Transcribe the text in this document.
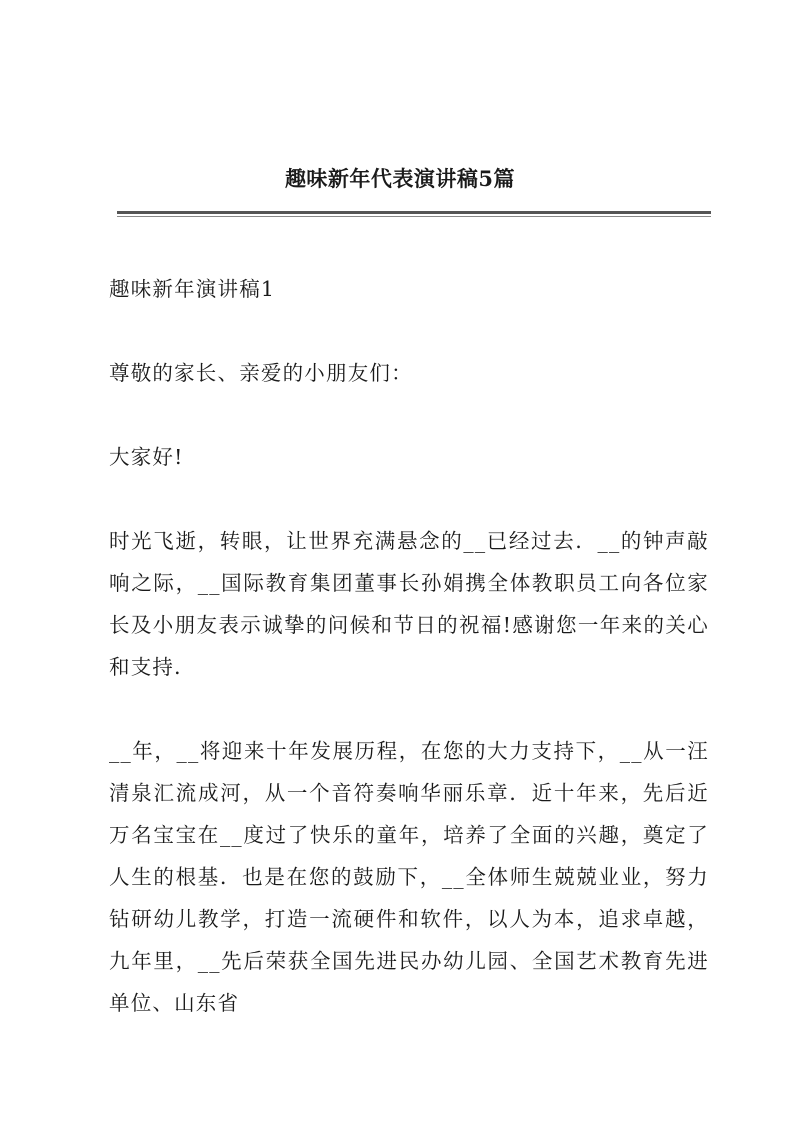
趣味新年代表演讲稿5篇

趣味新年演讲稿1

尊敬的家长、亲爱的小朋友们：

大家好!

时光飞逝，转眼，让世界充满悬念的__已经过去．__的钟声敲响之际，__国际教育集团董事长孙娟携全体教职员工向各位家长及小朋友表示诚挚的问候和节日的祝福!感谢您一年来的关心和支持．

__年，__将迎来十年发展历程，在您的大力支持下，__从一汪清泉汇流成河，从一个音符奏响华丽乐章．近十年来，先后近万名宝宝在__度过了快乐的童年，培养了全面的兴趣，奠定了人生的根基．也是在您的鼓励下，__全体师生兢兢业业，努力钻研幼儿教学，打造一流硬件和软件，以人为本，追求卓越，九年里，__先后荣获全国先进民办幼儿园、全国艺术教育先进单位、山东省
